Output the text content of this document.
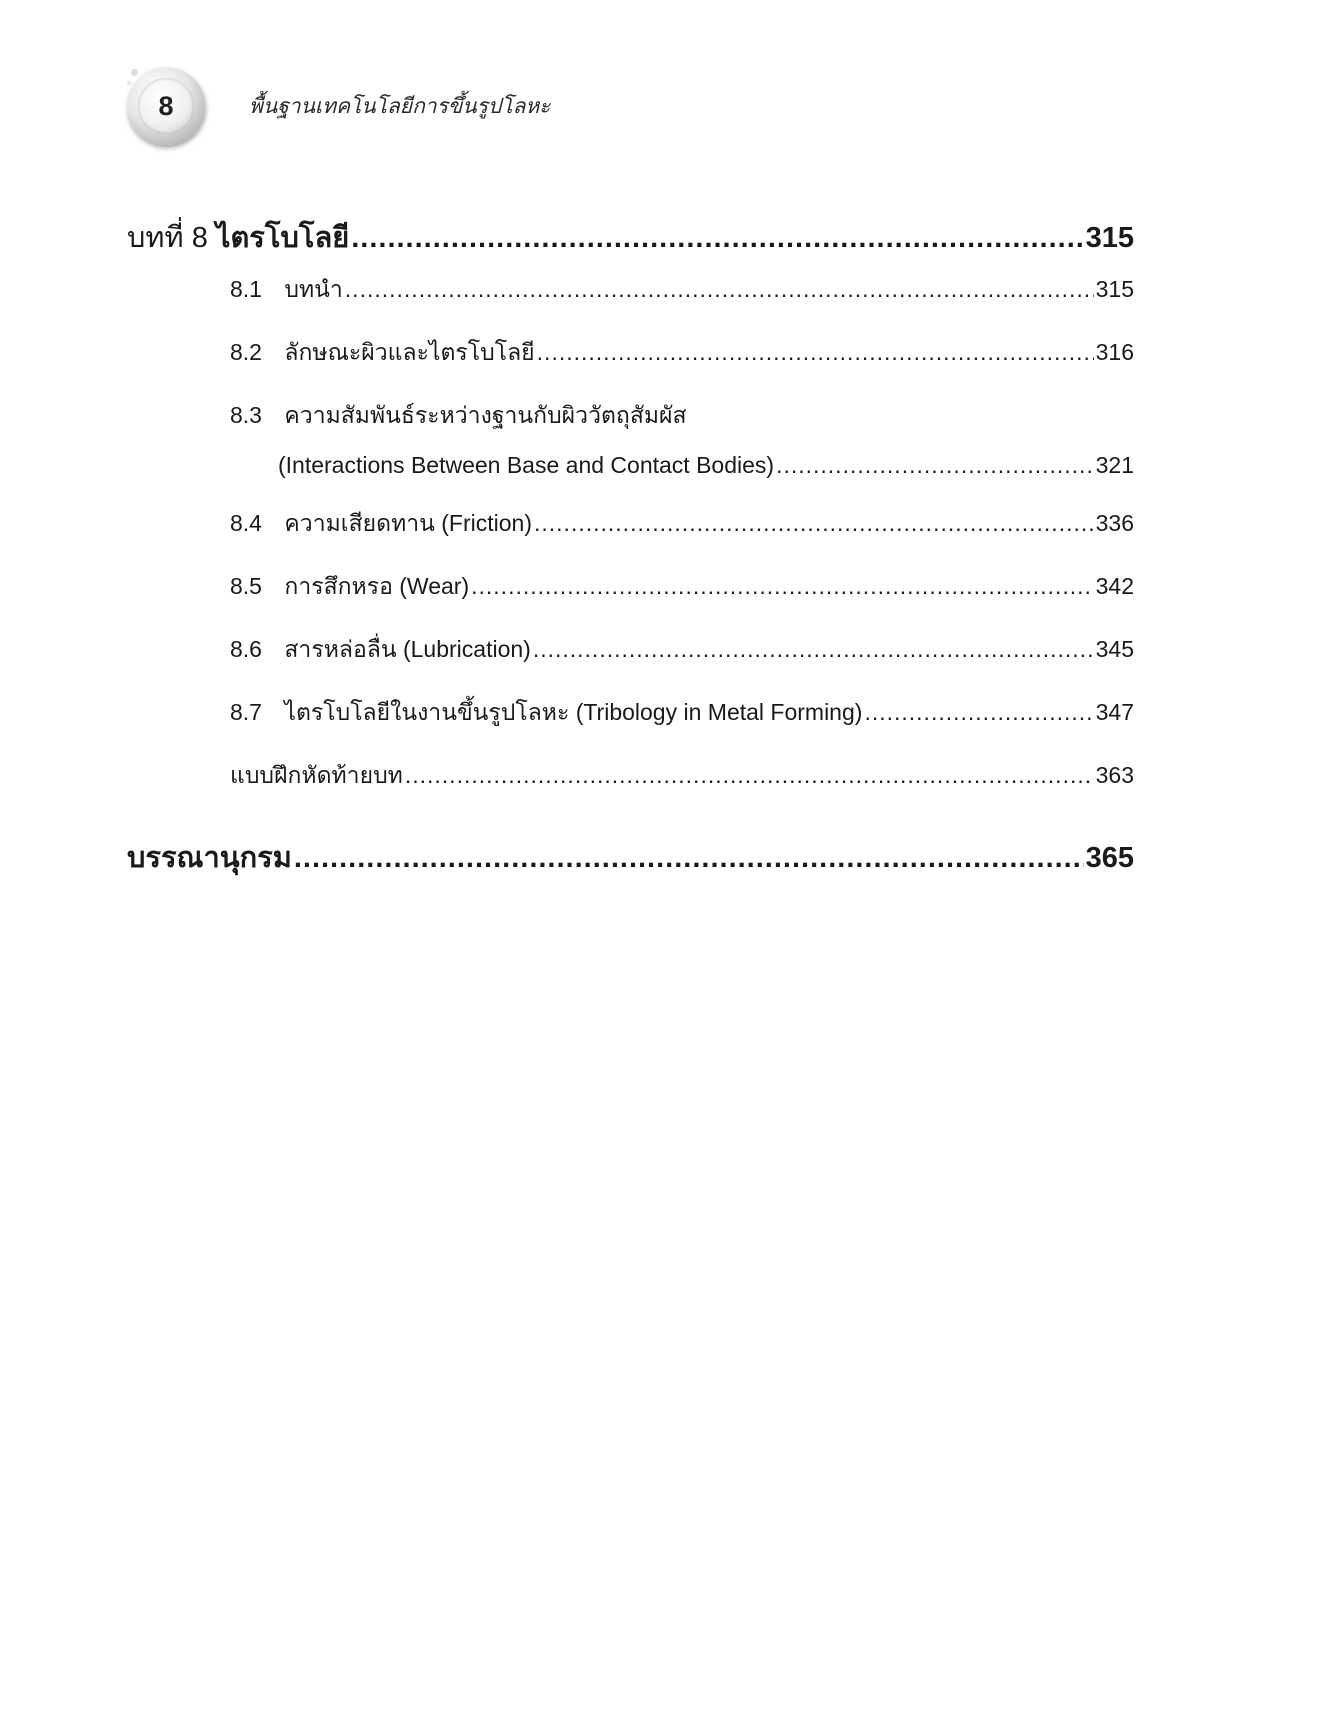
8	พื้นฐานเทคโนโลยีการขึ้นรูปโลหะ
บทที่ 8 ไตรโบโลยี .....	315
8.1 บทนำ .....	315
8.2 ลักษณะผิวและไตรโบโลยี .....	316
8.3 ความสัมพันธ์ระหว่างฐานกับผิววัตถุสัมผัส
(Interactions Between Base and Contact Bodies) .....	321
8.4 ความเสียดทาน (Friction) .....	336
8.5 การสึกหรอ (Wear) .....	342
8.6 สารหล่อลื่น (Lubrication) .....	345
8.7 ไตรโบโลยีในงานขึ้นรูปโลหะ (Tribology in Metal Forming) .....	347
แบบฝึกหัดท้ายบท .....	363
บรรณานุกรม .....	365
